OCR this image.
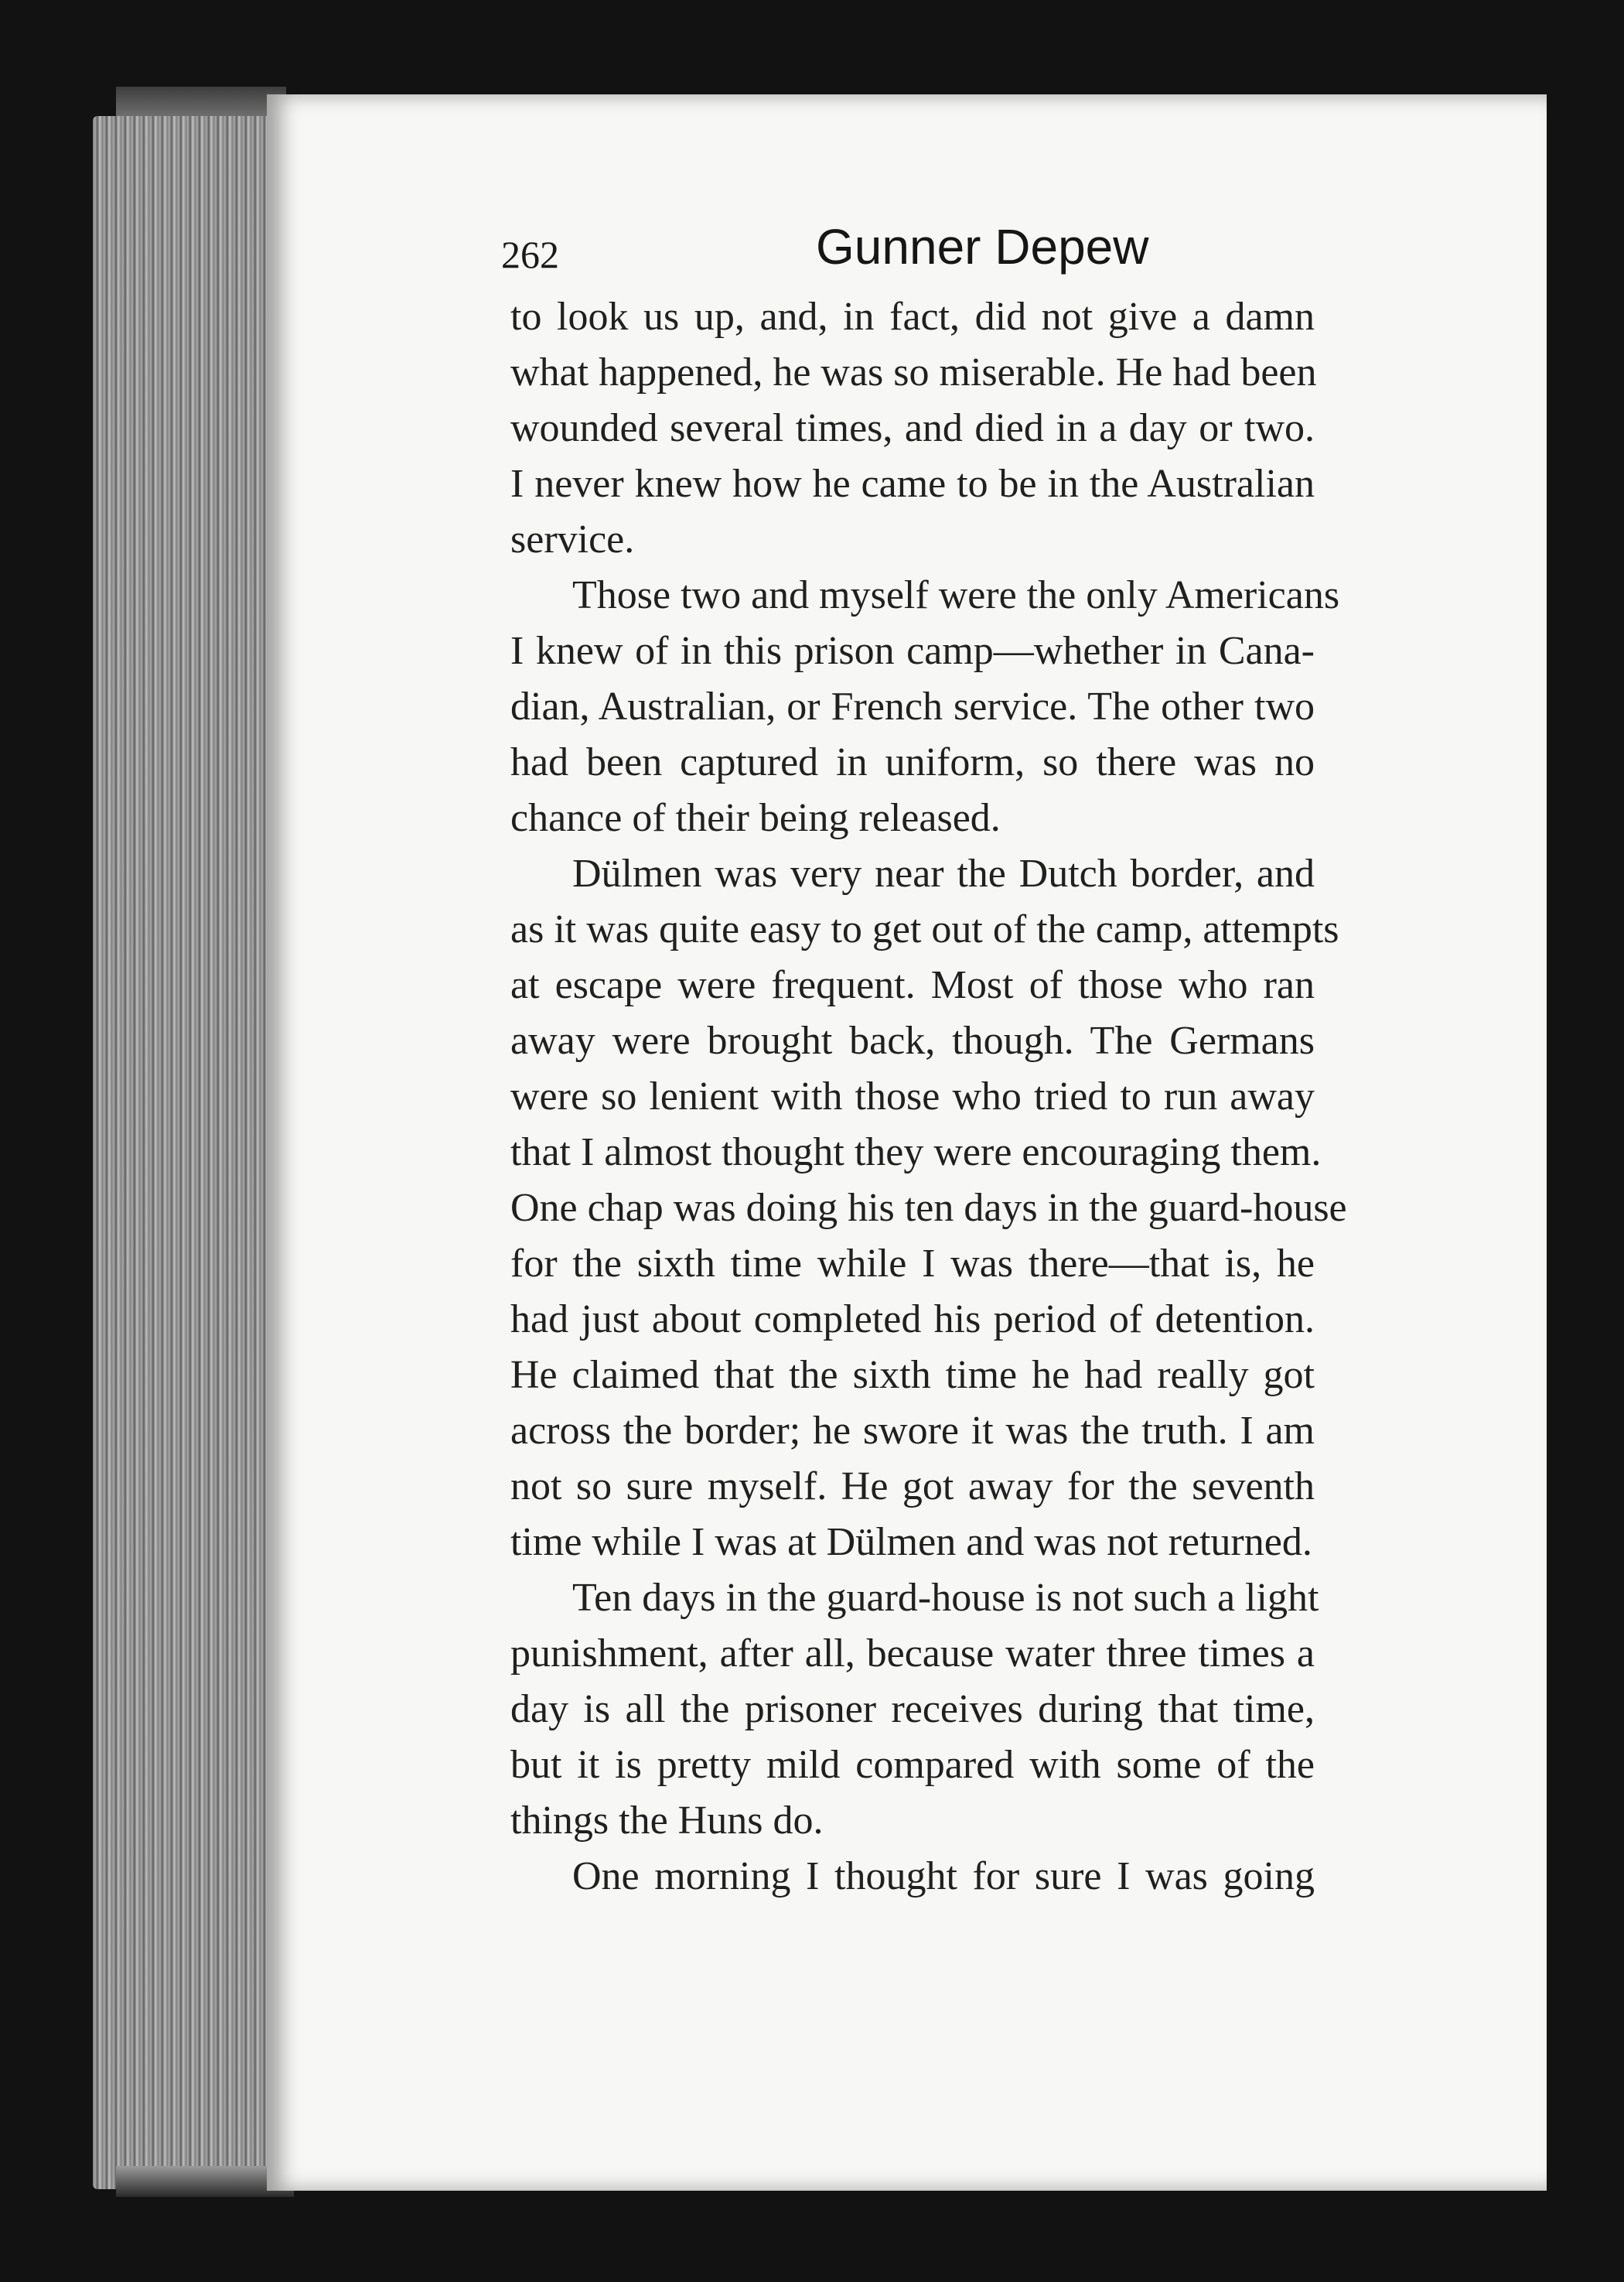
262	Gunner Depew
to look us up, and, in fact, did not give a damn
what happened, he was so miserable. He had been
wounded several times, and died in a day or two.
I never knew how he came to be in the Australian
service.
Those two and myself were the only Americans
I knew of in this prison camp—whether in Cana-
dian, Australian, or French service. The other two
had been captured in uniform, so there was no
chance of their being released.
Dülmen was very near the Dutch border, and
as it was quite easy to get out of the camp, attempts
at escape were frequent. Most of those who ran
away were brought back, though. The Germans
were so lenient with those who tried to run away
that I almost thought they were encouraging them.
One chap was doing his ten days in the guard-house
for the sixth time while I was there—that is, he
had just about completed his period of detention.
He claimed that the sixth time he had really got
across the border; he swore it was the truth. I am
not so sure myself. He got away for the seventh
time while I was at Dülmen and was not returned.
Ten days in the guard-house is not such a light
punishment, after all, because water three times a
day is all the prisoner receives during that time,
but it is pretty mild compared with some of the
things the Huns do.
One morning I thought for sure I was going
